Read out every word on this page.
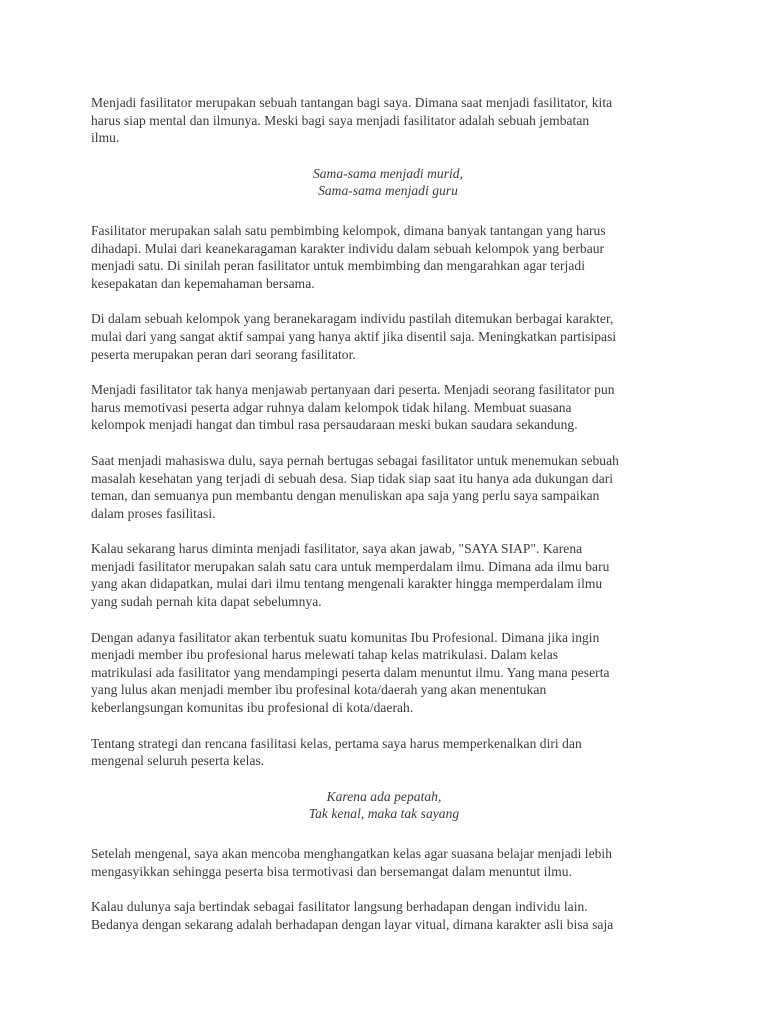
Menjadi fasilitator merupakan sebuah tantangan bagi saya. Dimana saat menjadi fasilitator, kita
harus siap mental dan ilmunya. Meski bagi saya menjadi fasilitator adalah sebuah jembatan
ilmu.

Sama-sama menjadi murid,
Sama-sama menjadi guru

Fasilitator merupakan salah satu pembimbing kelompok, dimana banyak tantangan yang harus
dihadapi. Mulai dari keanekaragaman karakter individu dalam sebuah kelompok yang berbaur
menjadi satu. Di sinilah peran fasilitator untuk membimbing dan mengarahkan agar terjadi
kesepakatan dan kepemahaman bersama.

Di dalam sebuah kelompok yang beranekaragam individu pastilah ditemukan berbagai karakter,
mulai dari yang sangat aktif sampai yang hanya aktif jika disentil saja. Meningkatkan partisipasi
peserta merupakan peran dari seorang fasilitator.

Menjadi fasilitator tak hanya menjawab pertanyaan dari peserta. Menjadi seorang fasilitator pun
harus memotivasi peserta adgar ruhnya dalam kelompok tidak hilang. Membuat suasana
kelompok menjadi hangat dan timbul rasa persaudaraan meski bukan saudara sekandung.

Saat menjadi mahasiswa dulu, saya pernah bertugas sebagai fasilitator untuk menemukan sebuah
masalah kesehatan yang terjadi di sebuah desa. Siap tidak siap saat itu hanya ada dukungan dari
teman, dan semuanya pun membantu dengan menuliskan apa saja yang perlu saya sampaikan
dalam proses fasilitasi.

Kalau sekarang harus diminta menjadi fasilitator, saya akan jawab, "SAYA SIAP". Karena
menjadi fasilitator merupakan salah satu cara untuk memperdalam ilmu. Dimana ada ilmu baru
yang akan didapatkan, mulai dari ilmu tentang mengenali karakter hingga memperdalam ilmu
yang sudah pernah kita dapat sebelumnya.

Dengan adanya fasilitator akan terbentuk suatu komunitas Ibu Profesional. Dimana jika ingin
menjadi member ibu profesional harus melewati tahap kelas matrikulasi. Dalam kelas
matrikulasi ada fasilitator yang mendampingi peserta dalam menuntut ilmu. Yang mana peserta
yang lulus akan menjadi member ibu profesinal kota/daerah yang akan menentukan
keberlangsungan komunitas ibu profesional di kota/daerah.

Tentang strategi dan rencana fasilitasi kelas, pertama saya harus memperkenalkan diri dan
mengenal seluruh peserta kelas.

Karena ada pepatah,
Tak kenal, maka tak sayang

Setelah mengenal, saya akan mencoba menghangatkan kelas agar suasana belajar menjadi lebih
mengasyikkan sehingga peserta bisa termotivasi dan bersemangat dalam menuntut ilmu.

Kalau dulunya saja bertindak sebagai fasilitator langsung berhadapan dengan individu lain.
Bedanya dengan sekarang adalah berhadapan dengan layar vitual, dimana karakter asli bisa saja
